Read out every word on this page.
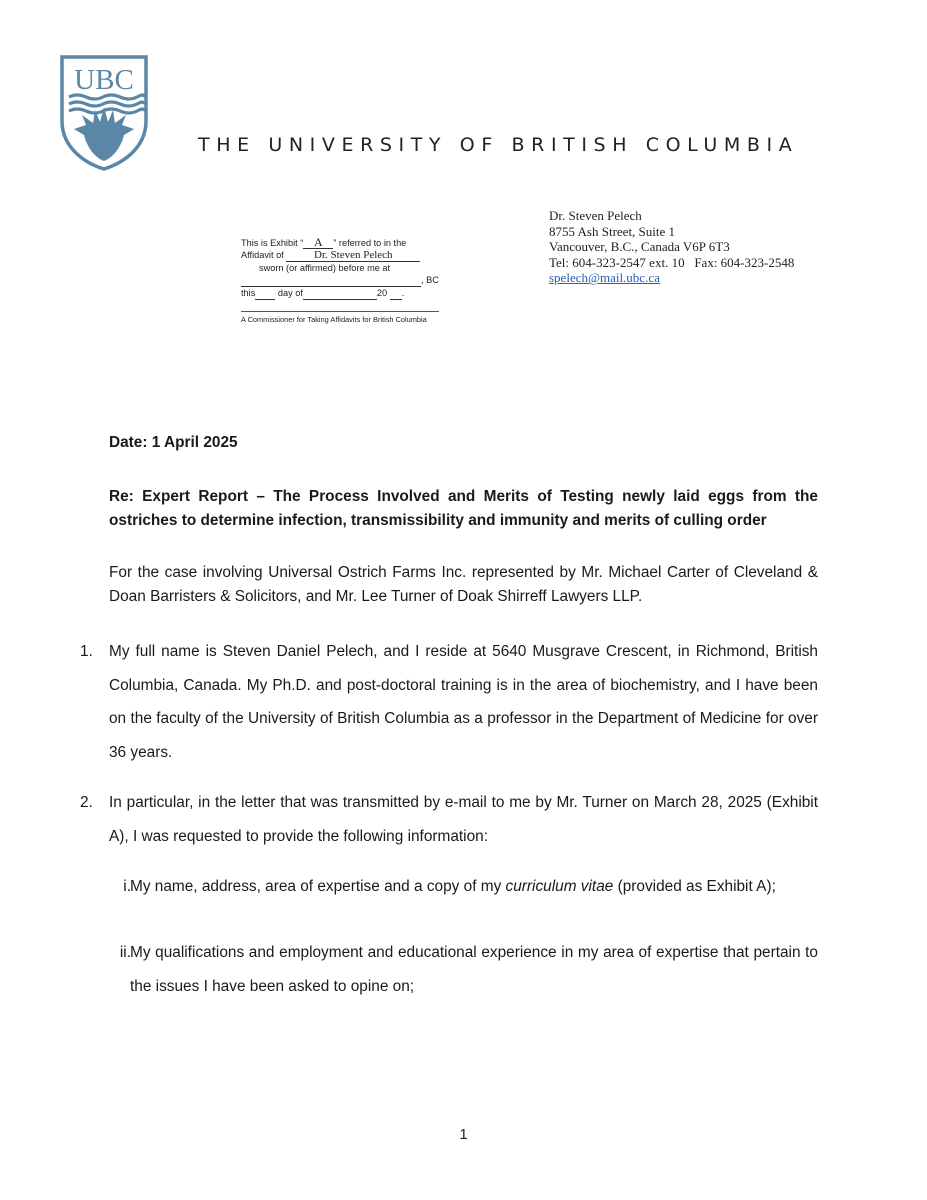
UBC
THE UNIVERSITY OF BRITISH COLUMBIA
This is Exhibit “ A ” referred to in the
Affidavit of	Dr. Steven Pelech
sworn (or affirmed) before me at
, BC
this day of	20 .
A Commissioner for Taking Affidavits for British Columbia
Dr. Steven Pelech
8755 Ash Street, Suite 1
Vancouver, B.C., Canada V6P 6T3
Tel: 604-323-2547 ext. 10   Fax: 604-323-2548
spelech@mail.ubc.ca
Date: 1 April 2025
Re: Expert Report – The Process Involved and Merits of Testing newly laid eggs from the ostriches to determine infection, transmissibility and immunity and merits of culling order
For the case involving Universal Ostrich Farms Inc. represented by Mr. Michael Carter of Cleveland & Doan Barristers & Solicitors, and Mr. Lee Turner of Doak Shirreff Lawyers LLP.
1.	My full name is Steven Daniel Pelech, and I reside at 5640 Musgrave Crescent, in Richmond, British Columbia, Canada. My Ph.D. and post-doctoral training is in the area of biochemistry, and I have been on the faculty of the University of British Columbia as a professor in the Department of Medicine for over 36 years.
2.	In particular, in the letter that was transmitted by e-mail to me by Mr. Turner on March 28, 2025 (Exhibit A), I was requested to provide the following information:
i. My name, address, area of expertise and a copy of my curriculum vitae (provided as Exhibit A);
ii. My qualifications and employment and educational experience in my area of expertise that pertain to the issues I have been asked to opine on;
1
